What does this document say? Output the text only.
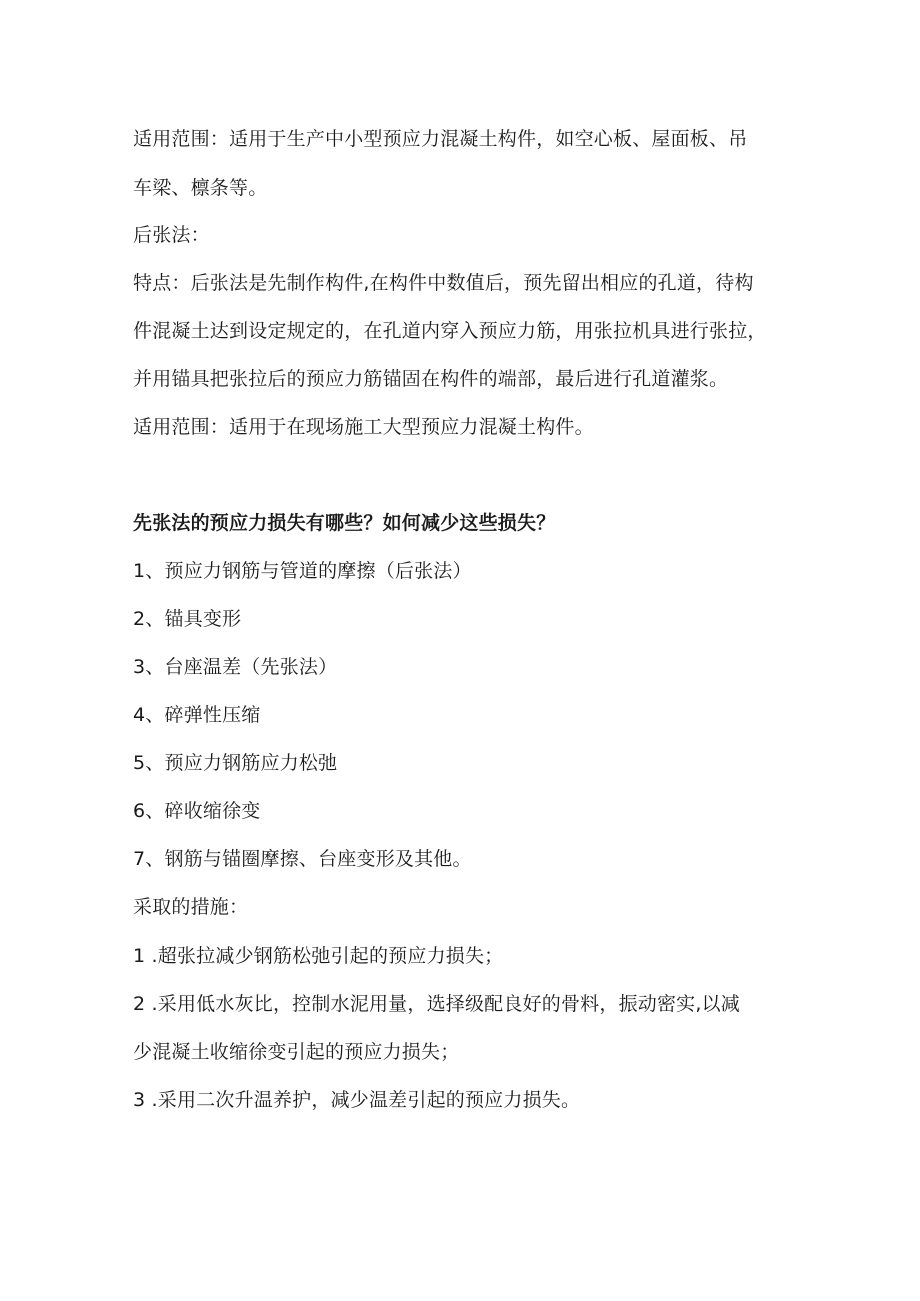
适用范围：适用于生产中小型预应力混凝土构件，如空心板、屋面板、吊
车梁、檩条等。
后张法：
特点：后张法是先制作构件,在构件中数值后，预先留出相应的孔道，待构
件混凝土达到设定规定的，在孔道内穿入预应力筋，用张拉机具进行张拉，
并用锚具把张拉后的预应力筋锚固在构件的端部，最后进行孔道灌浆。
适用范围：适用于在现场施工大型预应力混凝土构件。
先张法的预应力损失有哪些？如何减少这些损失？
1、预应力钢筋与管道的摩擦（后张法）
2、锚具变形
3、台座温差（先张法）
4、碎弹性压缩
5、预应力钢筋应力松弛
6、碎收缩徐变
7、钢筋与锚圈摩擦、台座变形及其他。
采取的措施：
1 .超张拉减少钢筋松弛引起的预应力损失；
2 .采用低水灰比，控制水泥用量，选择级配良好的骨料，振动密实,以减
少混凝土收缩徐变引起的预应力损失；
3 .采用二次升温养护，减少温差引起的预应力损失。
